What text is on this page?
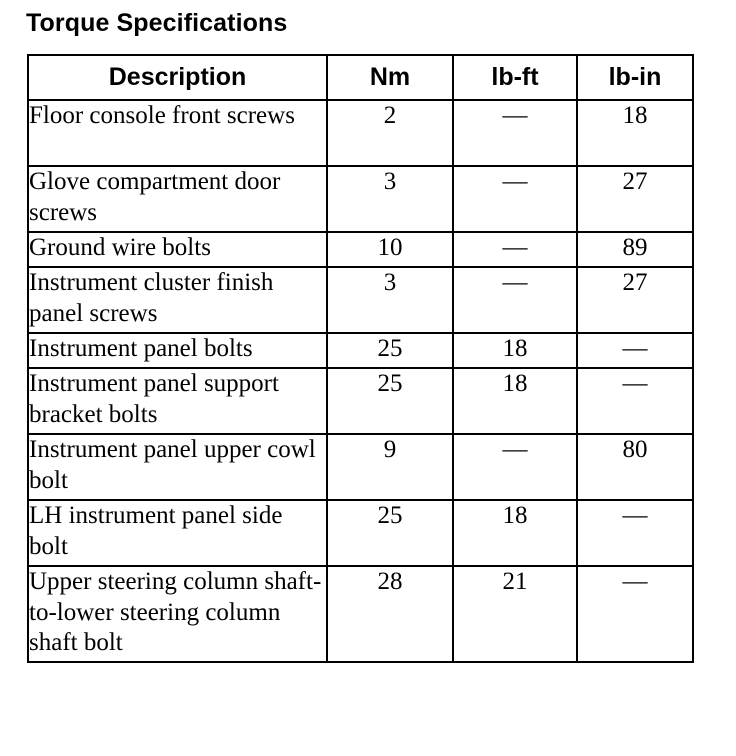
Torque Specifications
Description	Nm	lb-ft	lb-in
Floor console front screws	2	—	18
Glove compartment door screws	3	—	27
Ground wire bolts	10	—	89
Instrument cluster finish panel screws	3	—	27
Instrument panel bolts	25	18	—
Instrument panel support bracket bolts	25	18	—
Instrument panel upper cowl bolt	9	—	80
LH instrument panel side bolt	25	18	—
Upper steering column shaft-to-lower steering column shaft bolt	28	21	—
